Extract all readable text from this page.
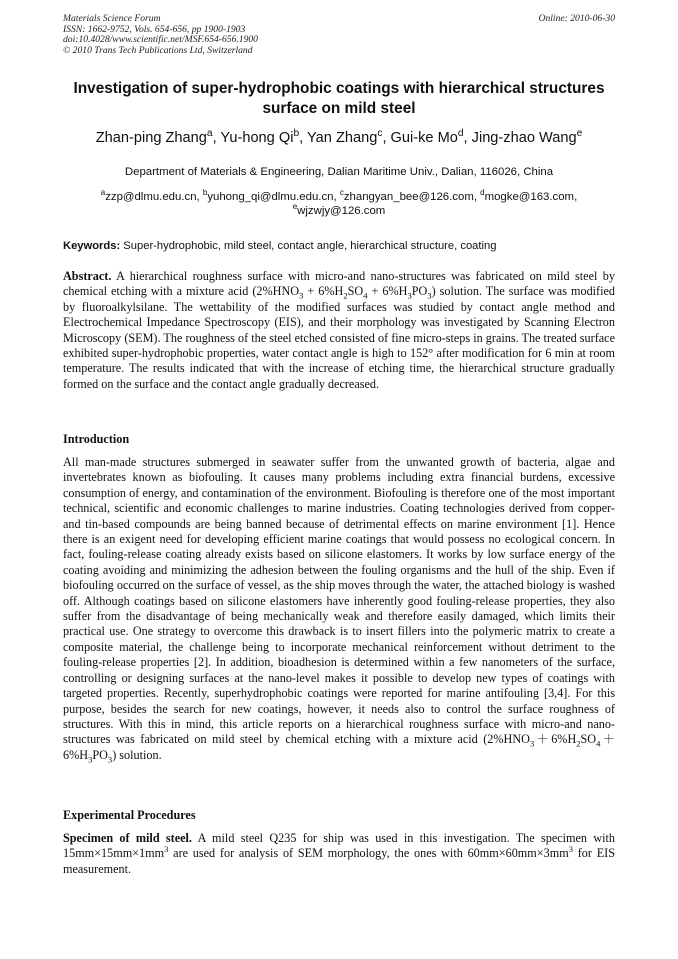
Materials Science Forum
ISSN: 1662-9752, Vols. 654-656, pp 1900-1903
doi:10.4028/www.scientific.net/MSF.654-656.1900
© 2010 Trans Tech Publications Ltd, Switzerland
Online: 2010-06-30
Investigation of super-hydrophobic coatings with hierarchical structures surface on mild steel
Zhan-ping Zhang$^a$, Yu-hong Qi$^b$, Yan Zhang$^c$, Gui-ke Mo$^d$, Jing-zhao Wang$^e$
Department of Materials & Engineering, Dalian Maritime Univ., Dalian, 116026, China
$^a$zzp@dlmu.edu.cn, $^b$yuhong_qi@dlmu.edu.cn, $^c$zhangyan_bee@126.com, $^d$mogke@163.com,
$^e$wjzwjy@126.com
Keywords: Super-hydrophobic, mild steel, contact angle, hierarchical structure, coating
Abstract. A hierarchical roughness surface with micro-and nano-structures was fabricated on mild steel by chemical etching with a mixture acid $(2\%HNO_3 + 6\%H_2SO_4 + 6\%H_3PO_3)$ solution. The surface was modified by fluoroalkylsilane. The wettability of the modified surfaces was studied by contact angle method and Electrochemical Impedance Spectroscopy (EIS), and their morphology was investigated by Scanning Electron Microscopy (SEM). The roughness of the steel etched consisted of fine micro-steps in grains. The treated surface exhibited super-hydrophobic properties, water contact angle is high to 152° after modification for 6 min at room temperature. The results indicated that with the increase of etching time, the hierarchical structure gradually formed on the surface and the contact angle gradually decreased.
Introduction
All man-made structures submerged in seawater suffer from the unwanted growth of bacteria, algae and invertebrates known as biofouling. It causes many problems including extra financial burdens, excessive consumption of energy, and contamination of the environment. Biofouling is therefore one of the most important technical, scientific and economic challenges to marine industries. Coating technologies derived from copper- and tin-based compounds are being banned because of detrimental effects on marine environment [1]. Hence there is an exigent need for developing efficient marine coatings that would possess no ecological concern. In fact, fouling-release coating already exists based on silicone elastomers. It works by low surface energy of the coating avoiding and minimizing the adhesion between the fouling organisms and the hull of the ship. Even if biofouling occurred on the surface of vessel, as the ship moves through the water, the attached biology is washed off. Although coatings based on silicone elastomers have inherently good fouling-release properties, they also suffer from the disadvantage of being mechanically weak and therefore easily damaged, which limits their practical use. One strategy to overcome this drawback is to insert fillers into the polymeric matrix to create a composite material, the challenge being to incorporate mechanical reinforcement without detriment to the fouling-release properties [2]. In addition, bioadhesion is determined within a few nanometers of the surface, controlling or designing surfaces at the nano-level makes it possible to develop new types of coatings with targeted properties. Recently, superhydrophobic coatings were reported for marine antifouling [3,4]. For this purpose, besides the search for new coatings, however, it needs also to control the surface roughness of structures. With this in mind, this article reports on a hierarchical roughness surface with micro-and nano-structures was fabricated on mild steel by chemical etching with a mixture acid $(2\%HNO_3+6\%H_2SO_4+6\%H_3PO_3)$ solution.
Experimental Procedures
Specimen of mild steel. A mild steel Q235 for ship was used in this investigation. The specimen with $15mm\times 15mm\times 1mm^3$ are used for analysis of SEM morphology, the ones with $60mm\times 60mm\times 3mm^3$ for EIS measurement.
